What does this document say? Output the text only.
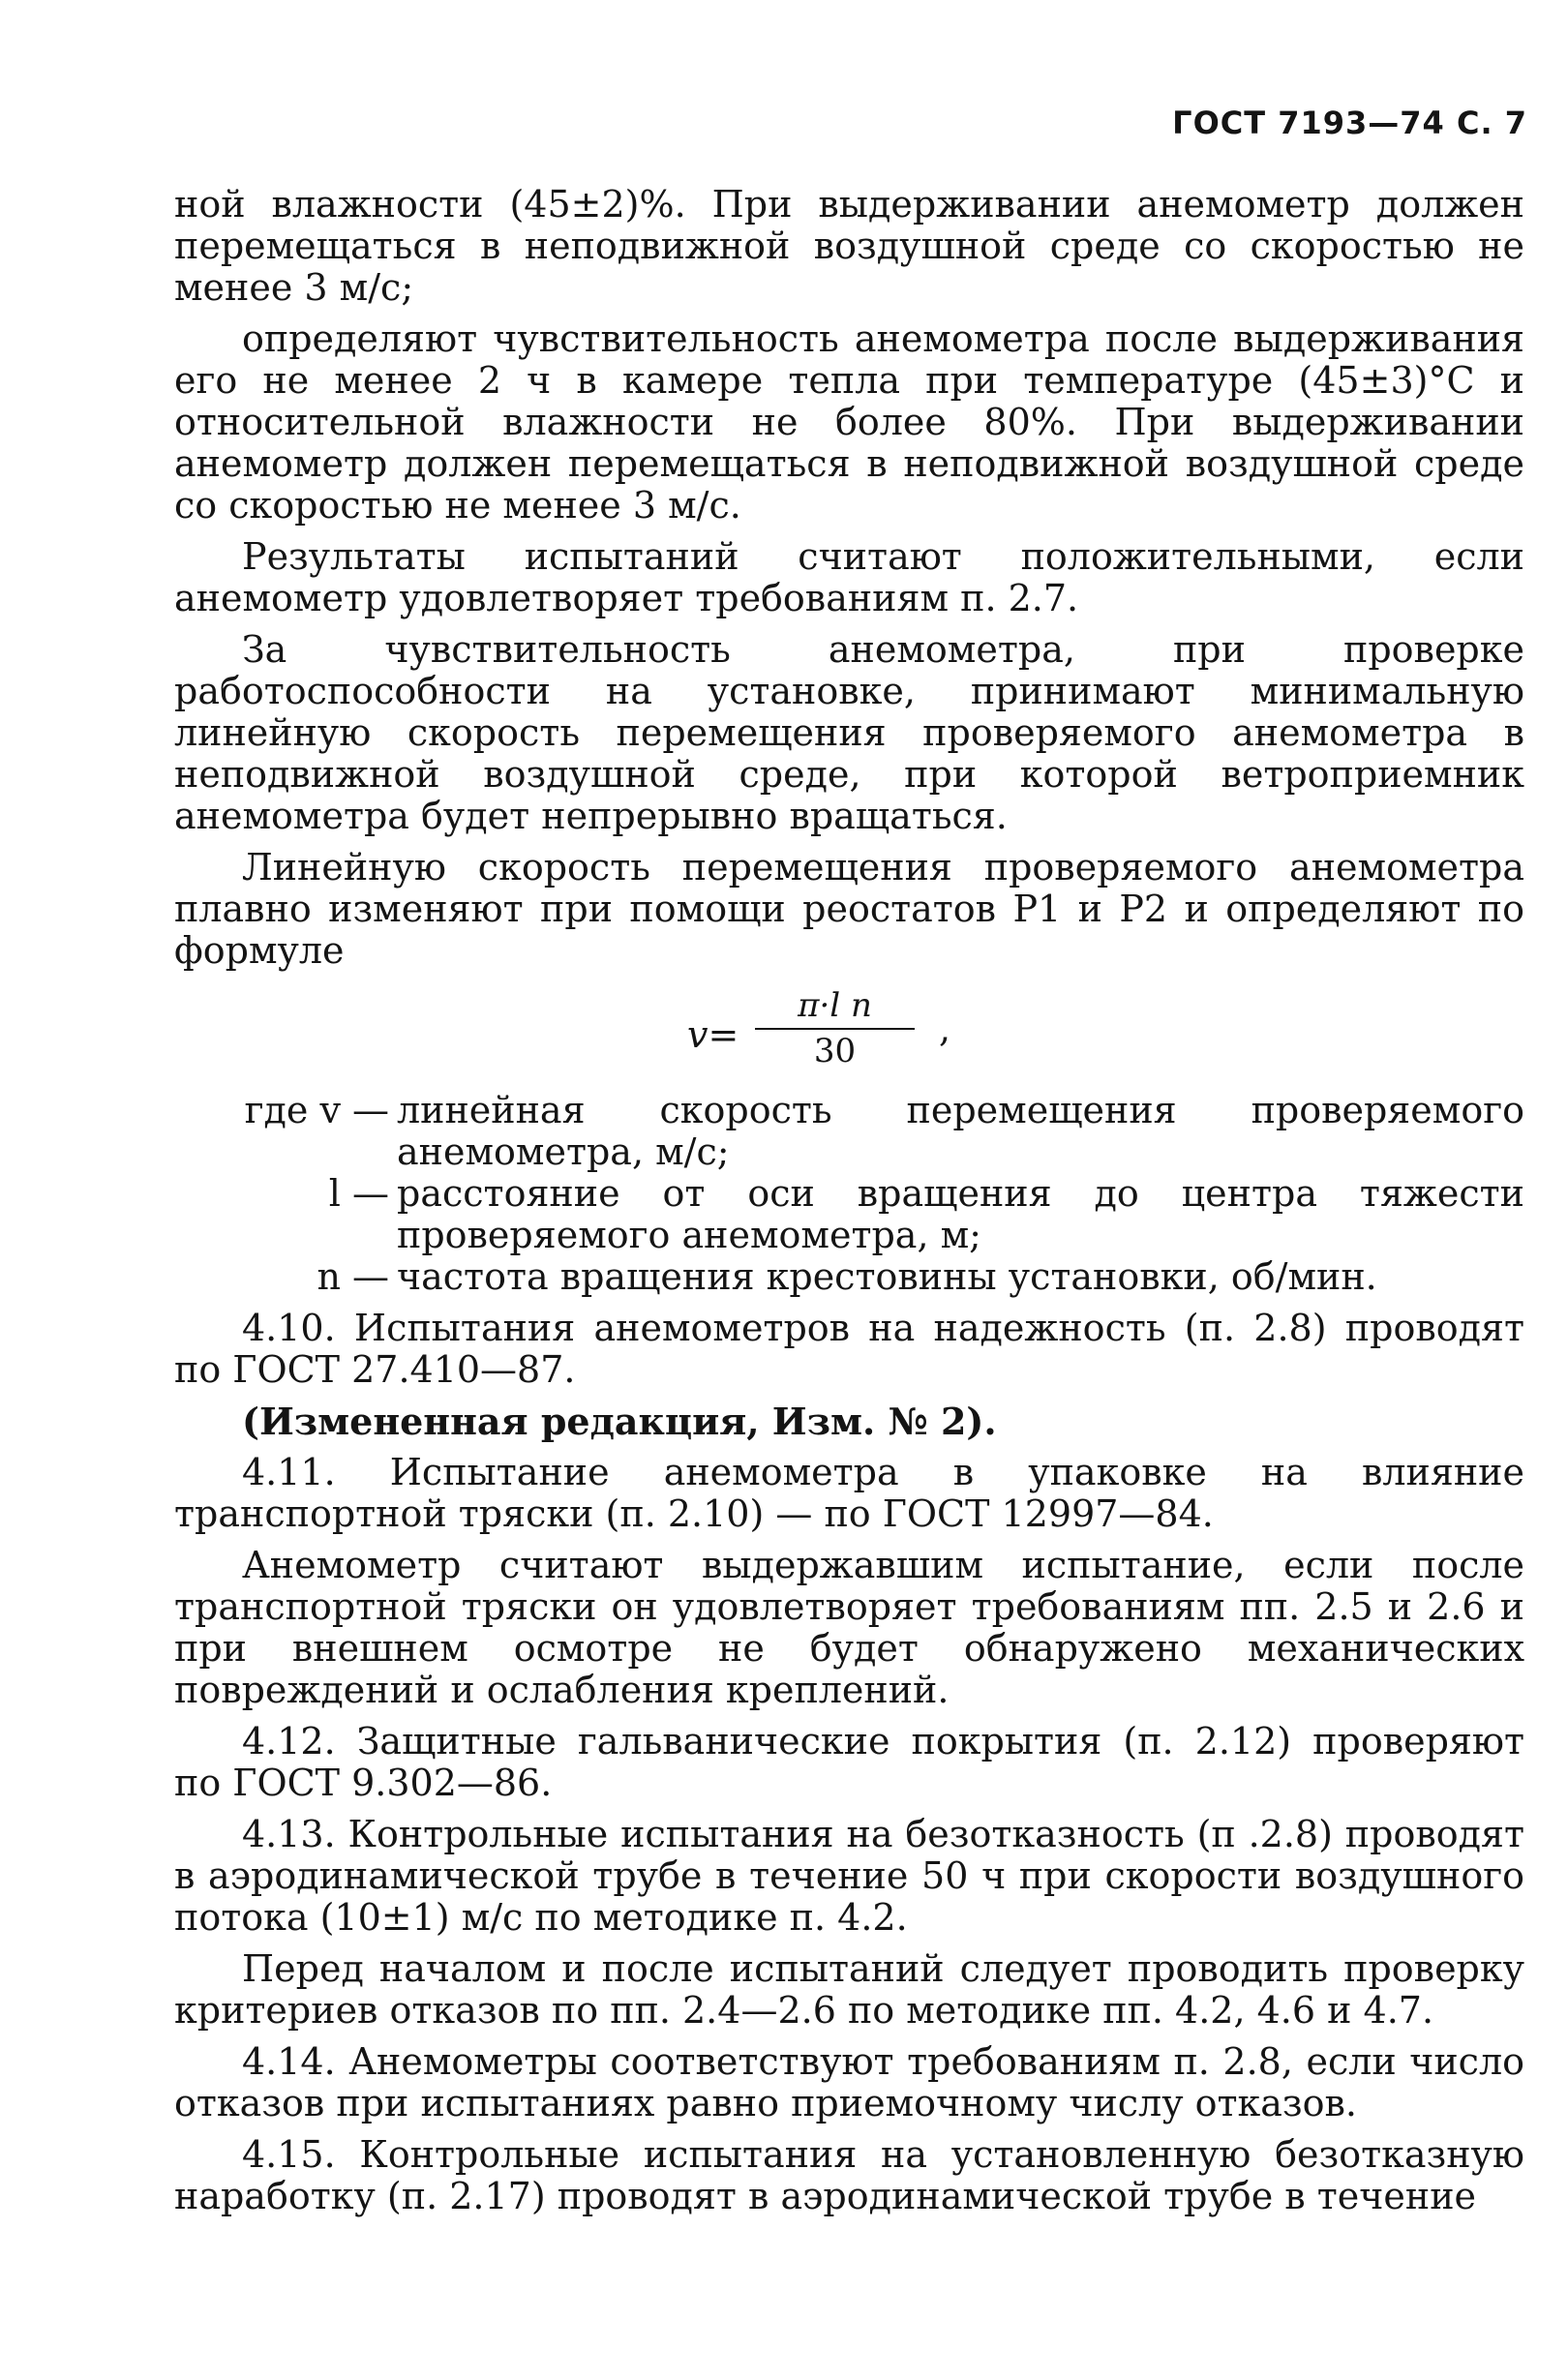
ГОСТ 7193—74 С. 7

ной влажности (45±2)%. При выдерживании анемометр должен перемещаться в неподвижной воздушной среде со скоростью не менее 3 м/с;

определяют чувствительность анемометра после выдерживания его не менее 2 ч в камере тепла при температуре (45±3)°С и относительной влажности не более 80%. При выдерживании анемометр должен перемещаться в неподвижной воздушной среде со скоростью не менее 3 м/с.

Результаты испытаний считают положительными, если анемометр удовлетворяет требованиям п. 2.7.

За чувствительность анемометра, при проверке работоспособности на установке, принимают минимальную линейную скорость перемещения проверяемого анемометра в неподвижной воздушной среде, при которой ветроприемник анемометра будет непрерывно вращаться.

Линейную скорость перемещения проверяемого анемометра плавно изменяют при помощи реостатов P1 и P2 и определяют по формуле

v=
π·l n
30
,
где v — линейная скорость перемещения проверяемого анемометра, м/с;
l — расстояние от оси вращения до центра тяжести проверяемого анемометра, м;
n — частота вращения крестовины установки, об/мин.

4.10. Испытания анемометров на надежность (п. 2.8) проводят по ГОСТ 27.410—87.

(Измененная редакция, Изм. № 2).

4.11. Испытание анемометра в упаковке на влияние транспортной тряски (п. 2.10) — по ГОСТ 12997—84.

Анемометр считают выдержавшим испытание, если после транспортной тряски он удовлетворяет требованиям пп. 2.5 и 2.6 и при внешнем осмотре не будет обнаружено механических повреждений и ослабления креплений.

4.12. Защитные гальванические покрытия (п. 2.12) проверяют по ГОСТ 9.302—86.

4.13. Контрольные испытания на безотказность (п .2.8) проводят в аэродинамической трубе в течение 50 ч при скорости воздушного потока (10±1) м/с по методике п. 4.2.

Перед началом и после испытаний следует проводить проверку критериев отказов по пп. 2.4—2.6 по методике пп. 4.2, 4.6 и 4.7.

4.14. Анемометры соответствуют требованиям п. 2.8, если число отказов при испытаниях равно приемочному числу отказов.

4.15. Контрольные испытания на установленную безотказную наработку (п. 2.17) проводят в аэродинамической трубе в течение
